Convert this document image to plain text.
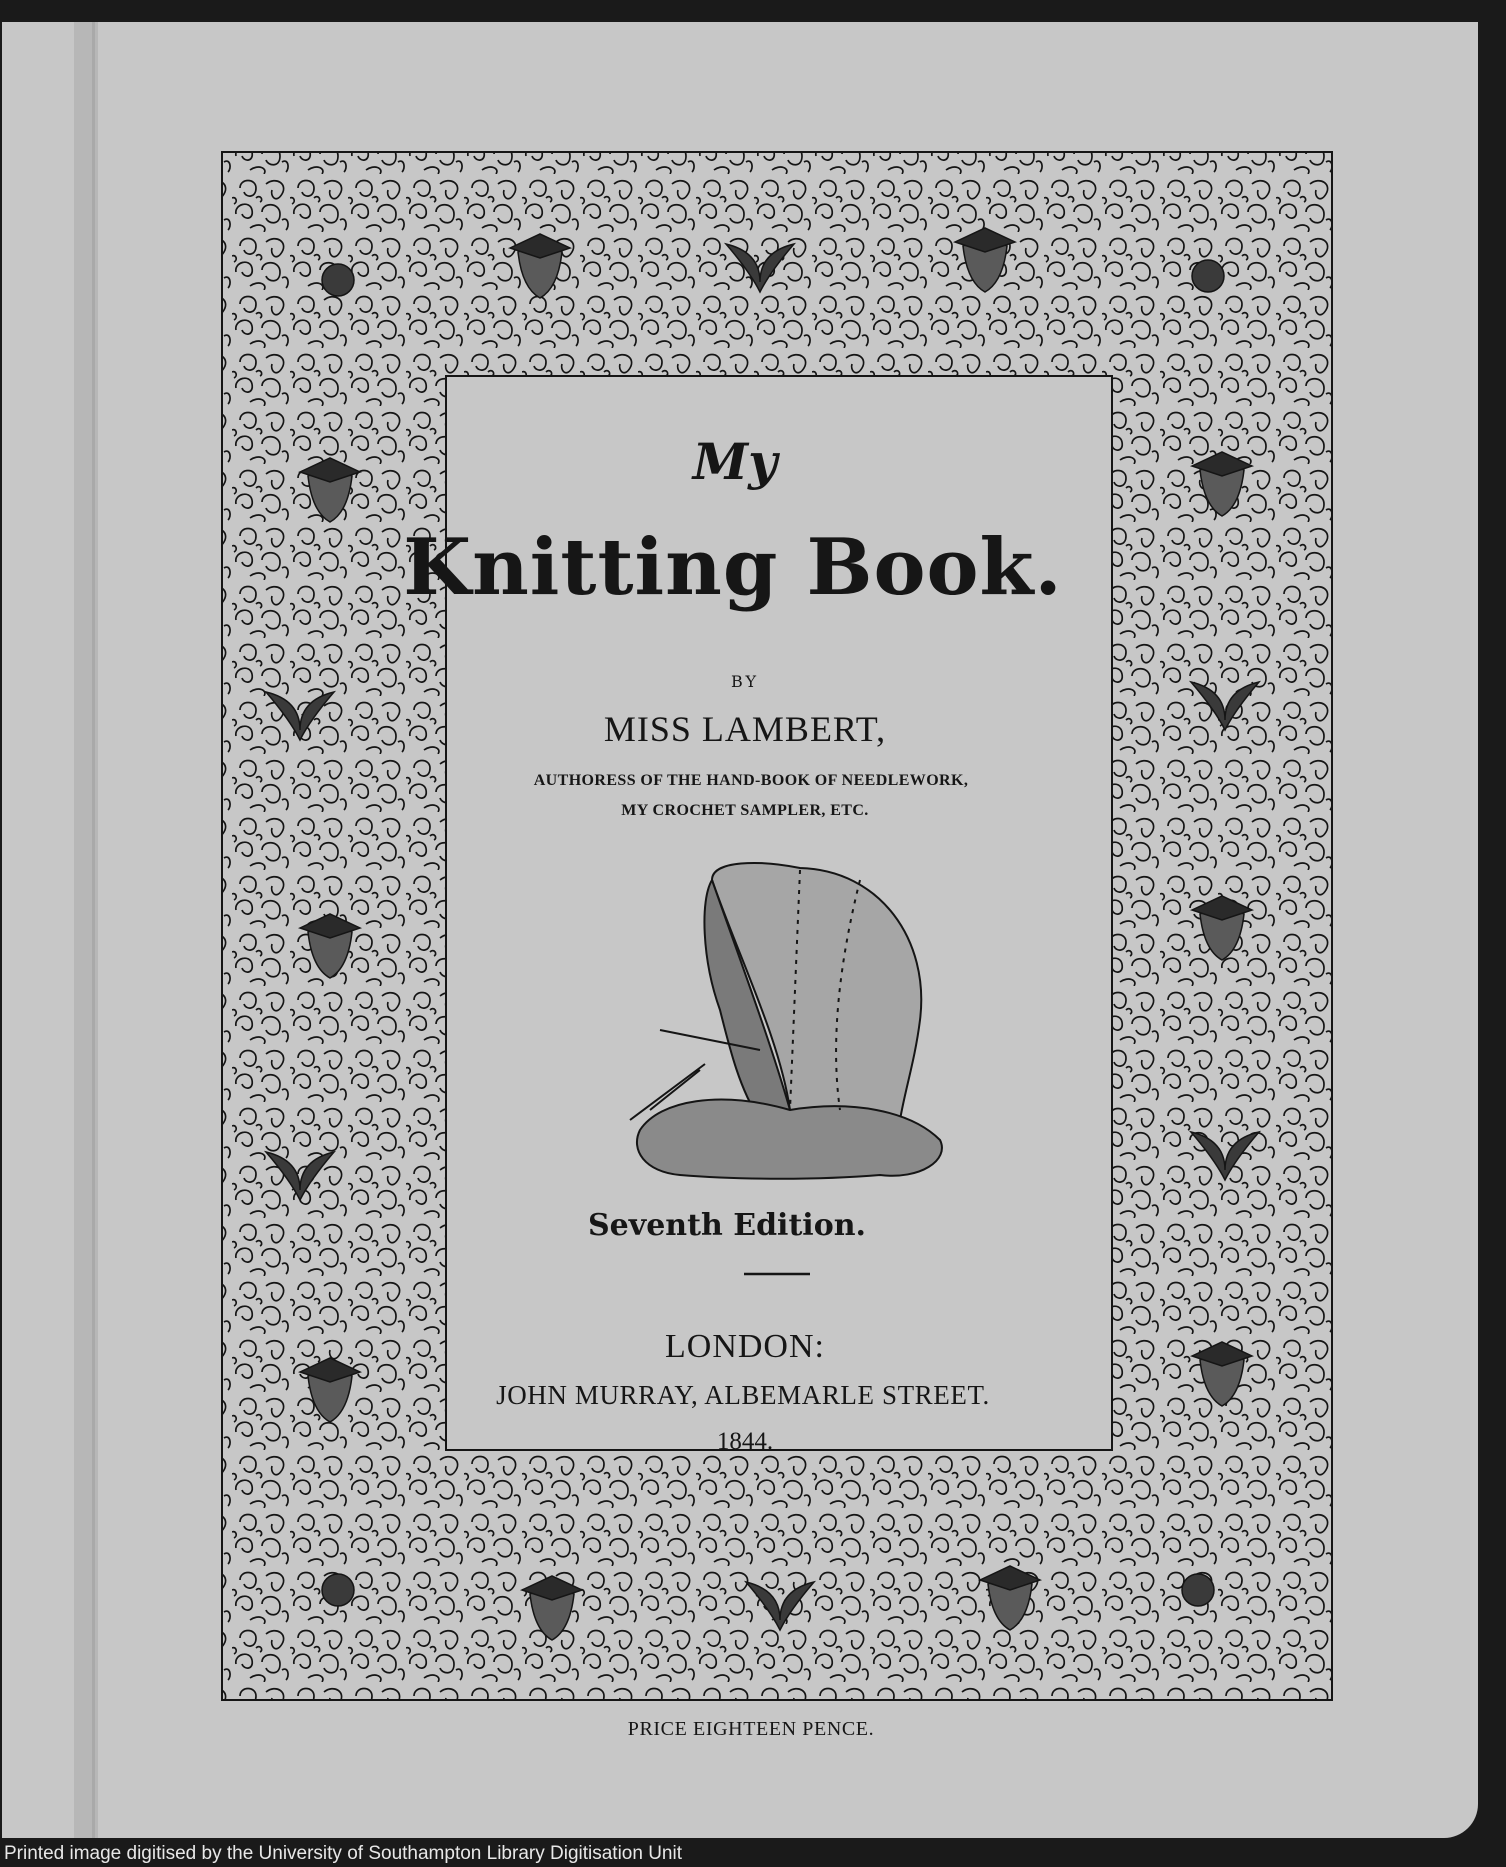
My
Knitting Book.
BY
MISS LAMBERT,
AUTHORESS OF THE HAND-BOOK OF NEEDLEWORK,
MY CROCHET SAMPLER, ETC.
Seventh Edition.
LONDON:
JOHN MURRAY, ALBEMARLE STREET.
1844.
PRICE EIGHTEEN PENCE.
Printed image digitised by the University of Southampton Library Digitisation Unit
